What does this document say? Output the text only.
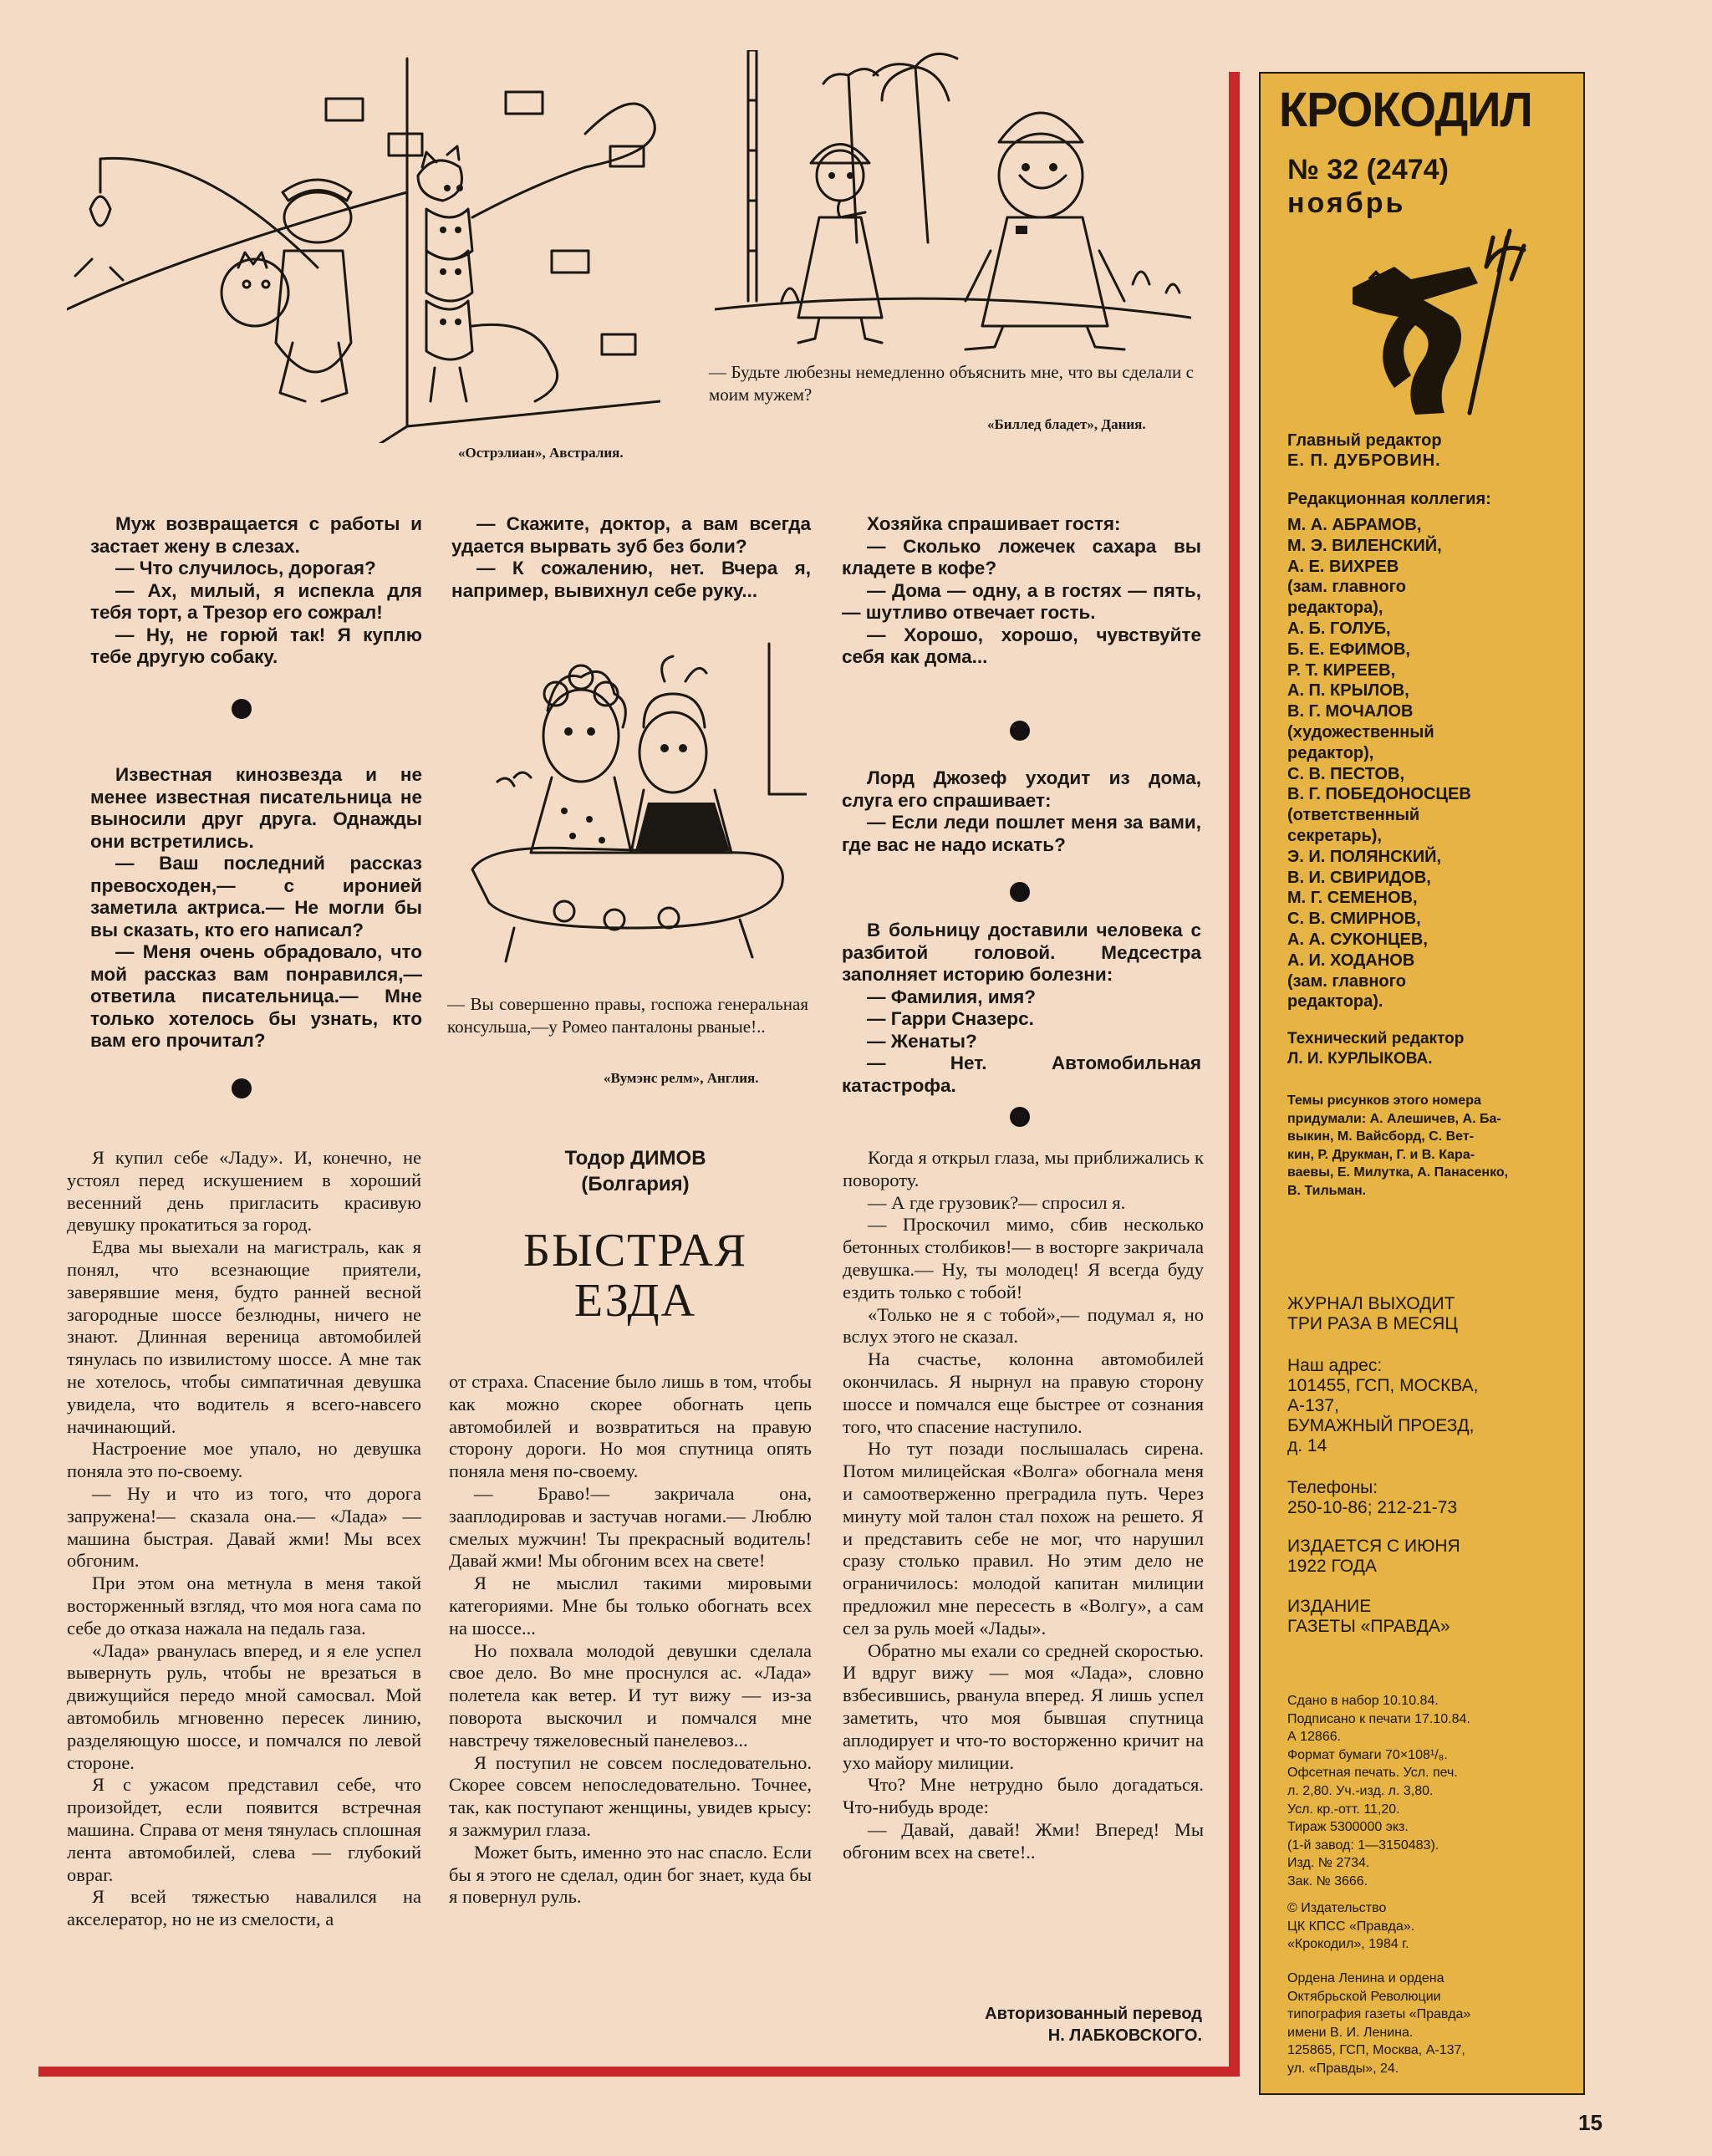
«Острэлиан», Австралия.
— Будьте любезны немедленно объяснить мне, что вы сделали с моим мужем?
«Биллед бладет», Дания.

Муж возвращается с работы и застает жену в слезах.

— Что случилось, дорогая?

— Ах, милый, я испекла для тебя торт, а Трезор его сожрал!

— Ну, не горюй так! Я куплю тебе другую собаку.

Известная кинозвезда и не менее известная писательница не выносили друг друга. Однажды они встретились.

— Ваш последний рассказ превосходен,— с иронией заметила актриса.— Не могли бы вы сказать, кто его написал?

— Меня очень обрадовало, что мой рассказ вам понравился,—ответила писательница.— Мне только хотелось бы узнать, кто вам его прочитал?

— Скажите, доктор, а вам всегда удается вырвать зуб без боли?

— К сожалению, нет. Вчера я, например, вывихнул себе руку...

— Вы совершенно правы, госпожа генеральная консульша,—у Ромео панталоны рваные!..
«Вумэнс релм», Англия.

Хозяйка спрашивает гостя:

— Сколько ложечек сахара вы кладете в кофе?

— Дома — одну, а в гостях — пять,— шутливо отвечает гость.

— Хорошо, хорошо, чувствуйте себя как дома...

Лорд Джозеф уходит из дома, слуга его спрашивает:

— Если леди пошлет меня за вами, где вас не надо искать?

В больницу доставили человека с разбитой головой. Медсестра заполняет историю болезни:

— Фамилия, имя?

— Гарри Сназерс.

— Женаты?

— Нет. Автомобильная катастрофа.

Тодор ДИМОВ
(Болгария)
БЫСТРАЯ
ЕЗДА

Я купил себе «Ладу». И, конечно, не устоял перед искушением в хороший весенний день пригласить красивую девушку прокатиться за город.

Едва мы выехали на магистраль, как я понял, что всезнающие приятели, заверявшие меня, будто ранней весной загородные шоссе безлюдны, ничего не знают. Длинная вереница автомобилей тянулась по извилистому шоссе. А мне так не хотелось, чтобы симпатичная девушка увидела, что водитель я всего-навсего начинающий.

Настроение мое упало, но девушка поняла это по-своему.

— Ну и что из того, что дорога запружена!— сказала она.— «Лада» — машина быстрая. Давай жми! Мы всех обгоним.

При этом она метнула в меня такой восторженный взгляд, что моя нога сама по себе до отказа нажала на педаль газа.

«Лада» рванулась вперед, и я еле успел вывернуть руль, чтобы не врезаться в движущийся передо мной самосвал. Мой автомобиль мгновенно пересек линию, разделяющую шоссе, и помчался по левой стороне.

Я с ужасом представил себе, что произойдет, если появится встречная машина. Справа от меня тянулась сплошная лента автомобилей, слева — глубокий овраг.

Я всей тяжестью навалился на акселератор, но не из смелости, а

от страха. Спасение было лишь в том, чтобы как можно скорее обогнать цепь автомобилей и возвратиться на правую сторону дороги. Но моя спутница опять поняла меня по-своему.

— Браво!— закричала она, зааплодировав и застучав ногами.— Люблю смелых мужчин! Ты прекрасный водитель! Давай жми! Мы обгоним всех на свете!

Я не мыслил такими мировыми категориями. Мне бы только обогнать всех на шоссе...

Но похвала молодой девушки сделала свое дело. Во мне проснулся ас. «Лада» полетела как ветер. И тут вижу — из-за поворота выскочил и помчался мне навстречу тяжеловесный панелевоз...

Я поступил не совсем последовательно. Скорее совсем непоследовательно. Точнее, так, как поступают женщины, увидев крысу: я зажмурил глаза.

Может быть, именно это нас спасло. Если бы я этого не сделал, один бог знает, куда бы я повернул руль.

Когда я открыл глаза, мы приближались к повороту.

— А где грузовик?— спросил я.

— Проскочил мимо, сбив несколько бетонных столбиков!— в восторге закричала девушка.— Ну, ты молодец! Я всегда буду ездить только с тобой!

«Только не я с тобой»,— подумал я, но вслух этого не сказал.

На счастье, колонна автомобилей окончилась. Я нырнул на правую сторону шоссе и помчался еще быстрее от сознания того, что спасение наступило.

Но тут позади послышалась сирена. Потом милицейская «Волга» обогнала меня и самоотверженно преградила путь. Через минуту мой талон стал похож на решето. Я и представить себе не мог, что нарушил сразу столько правил. Но этим дело не ограничилось: молодой капитан милиции предложил мне пересесть в «Волгу», а сам сел за руль моей «Лады».

Обратно мы ехали со средней скоростью. И вдруг вижу — моя «Лада», словно взбесившись, рванула вперед. Я лишь успел заметить, что моя бывшая спутница аплодирует и что-то восторженно кричит на ухо майору милиции.

Что? Мне нетрудно было догадаться. Что-нибудь вроде:

— Давай, давай! Жми! Вперед! Мы обгоним всех на свете!..

Авторизованный перевод
Н. ЛАБКОВСКОГО.
КРОКОДИЛ
№ 32 (2474)
ноябрь
Главный редактор
Е. П. ДУБРОВИН.
Редакционная коллегия:
М. А. АБРАМОВ,
М. Э. ВИЛЕНСКИЙ,
А. Е. ВИХРЕВ
(зам. главного
редактора),
А. Б. ГОЛУБ,
Б. Е. ЕФИМОВ,
Р. Т. КИРЕЕВ,
А. П. КРЫЛОВ,
В. Г. МОЧАЛОВ
(художественный
редактор),
С. В. ПЕСТОВ,
В. Г. ПОБЕДОНОСЦЕВ
(ответственный
секретарь),
Э. И. ПОЛЯНСКИЙ,
В. И. СВИРИДОВ,
М. Г. СЕМЕНОВ,
С. В. СМИРНОВ,
А. А. СУКОНЦЕВ,
А. И. ХОДАНОВ
(зам. главного
редактора).
Технический редактор
Л. И. КУРЛЫКОВА.
Темы рисунков этого номера
придумали: А. Алешичев, А. Ба-
выкин, М. Вайсборд, С. Вет-
кин, Р. Друкман, Г. и В. Кара-
ваевы, Е. Милутка, А. Панасенко,
В. Тильман.
ЖУРНАЛ ВЫХОДИТ
ТРИ РАЗА В МЕСЯЦ
Наш адрес:
101455, ГСП, МОСКВА,
А-137,
БУМАЖНЫЙ ПРОЕЗД,
д. 14
Телефоны:
250-10-86; 212-21-73
ИЗДАЕТСЯ С ИЮНЯ
1922 ГОДА
ИЗДАНИЕ
ГАЗЕТЫ «ПРАВДА»
Сдано в набор 10.10.84.
Подписано к печати 17.10.84.
А 12866.
Формат бумаги 70×108¹/₈.
Офсетная печать. Усл. печ.
л. 2,80. Уч.-изд. л. 3,80.
Усл. кр.-отт. 11,20.
Тираж 5300000 экз.
(1-й завод: 1—3150483).
Изд. № 2734.
Зак. № 3666.
© Издательство
ЦК КПСС «Правда».
«Крокодил», 1984 г.
Ордена Ленина и ордена
Октябрьской Революции
типография газеты «Правда»
имени В. И. Ленина.
125865, ГСП, Москва, А-137,
ул. «Правды», 24.
15
